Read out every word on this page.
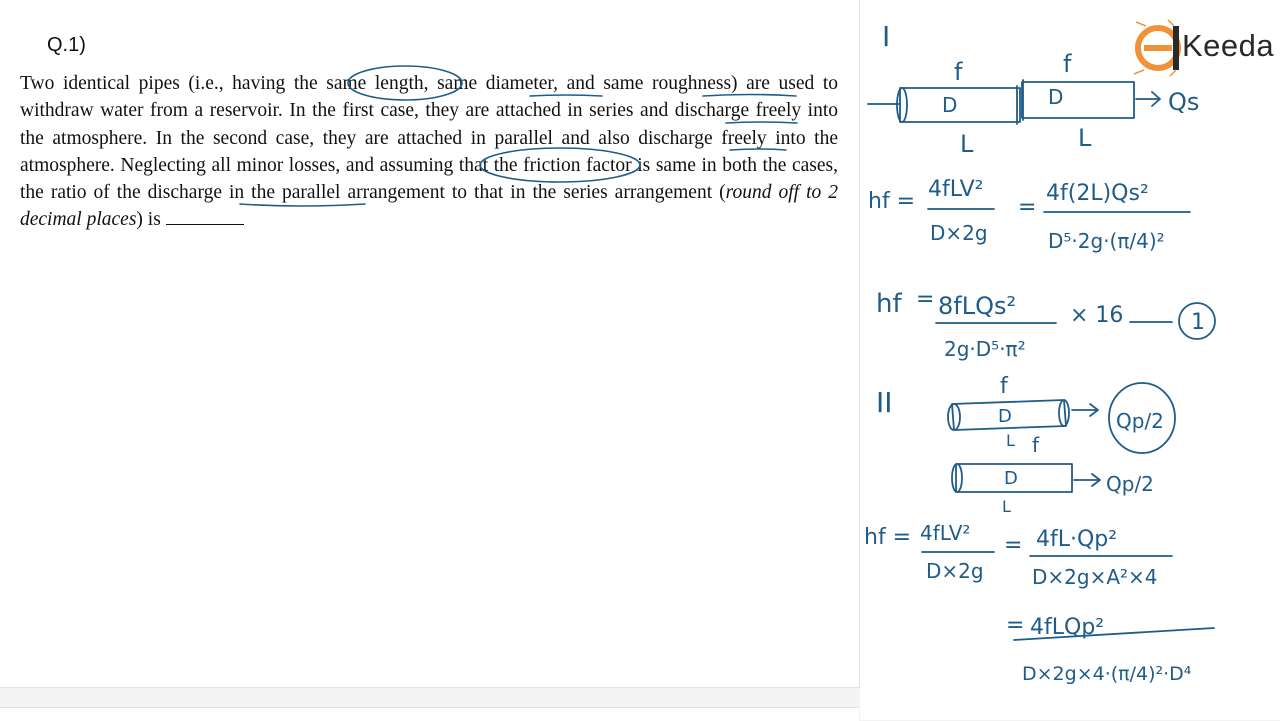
Q.1)
Two identical pipes (i.e., having the same length, same diameter, and same roughness) are used to withdraw water from a reservoir. In the first case, they are attached in series and discharge freely into the atmosphere. In the second case, they are attached in parallel and also discharge freely into the atmosphere. Neglecting all minor losses, and assuming that the friction factor is same in both the cases, the ratio of the discharge in the parallel arrangement to that in the series arrangement (round off to 2 decimal places) is
I
f	f
D	D
L	L
Qs
hf = 4fLV²
D×2g
=
4f(2L)Qs²
D⁵·2g·(π/4)²
hf = 8fLQs²
2g·D⁵·π²
× 16	1
II	f
D
L f
Qp/2
D
L
Qp/2
hf = 4fLV²
D×2g
= 4fL·Qp²
D×2g×A²×4
= 4fLQp²
D×2g×4·(π/4)²·D⁴
Keeda
